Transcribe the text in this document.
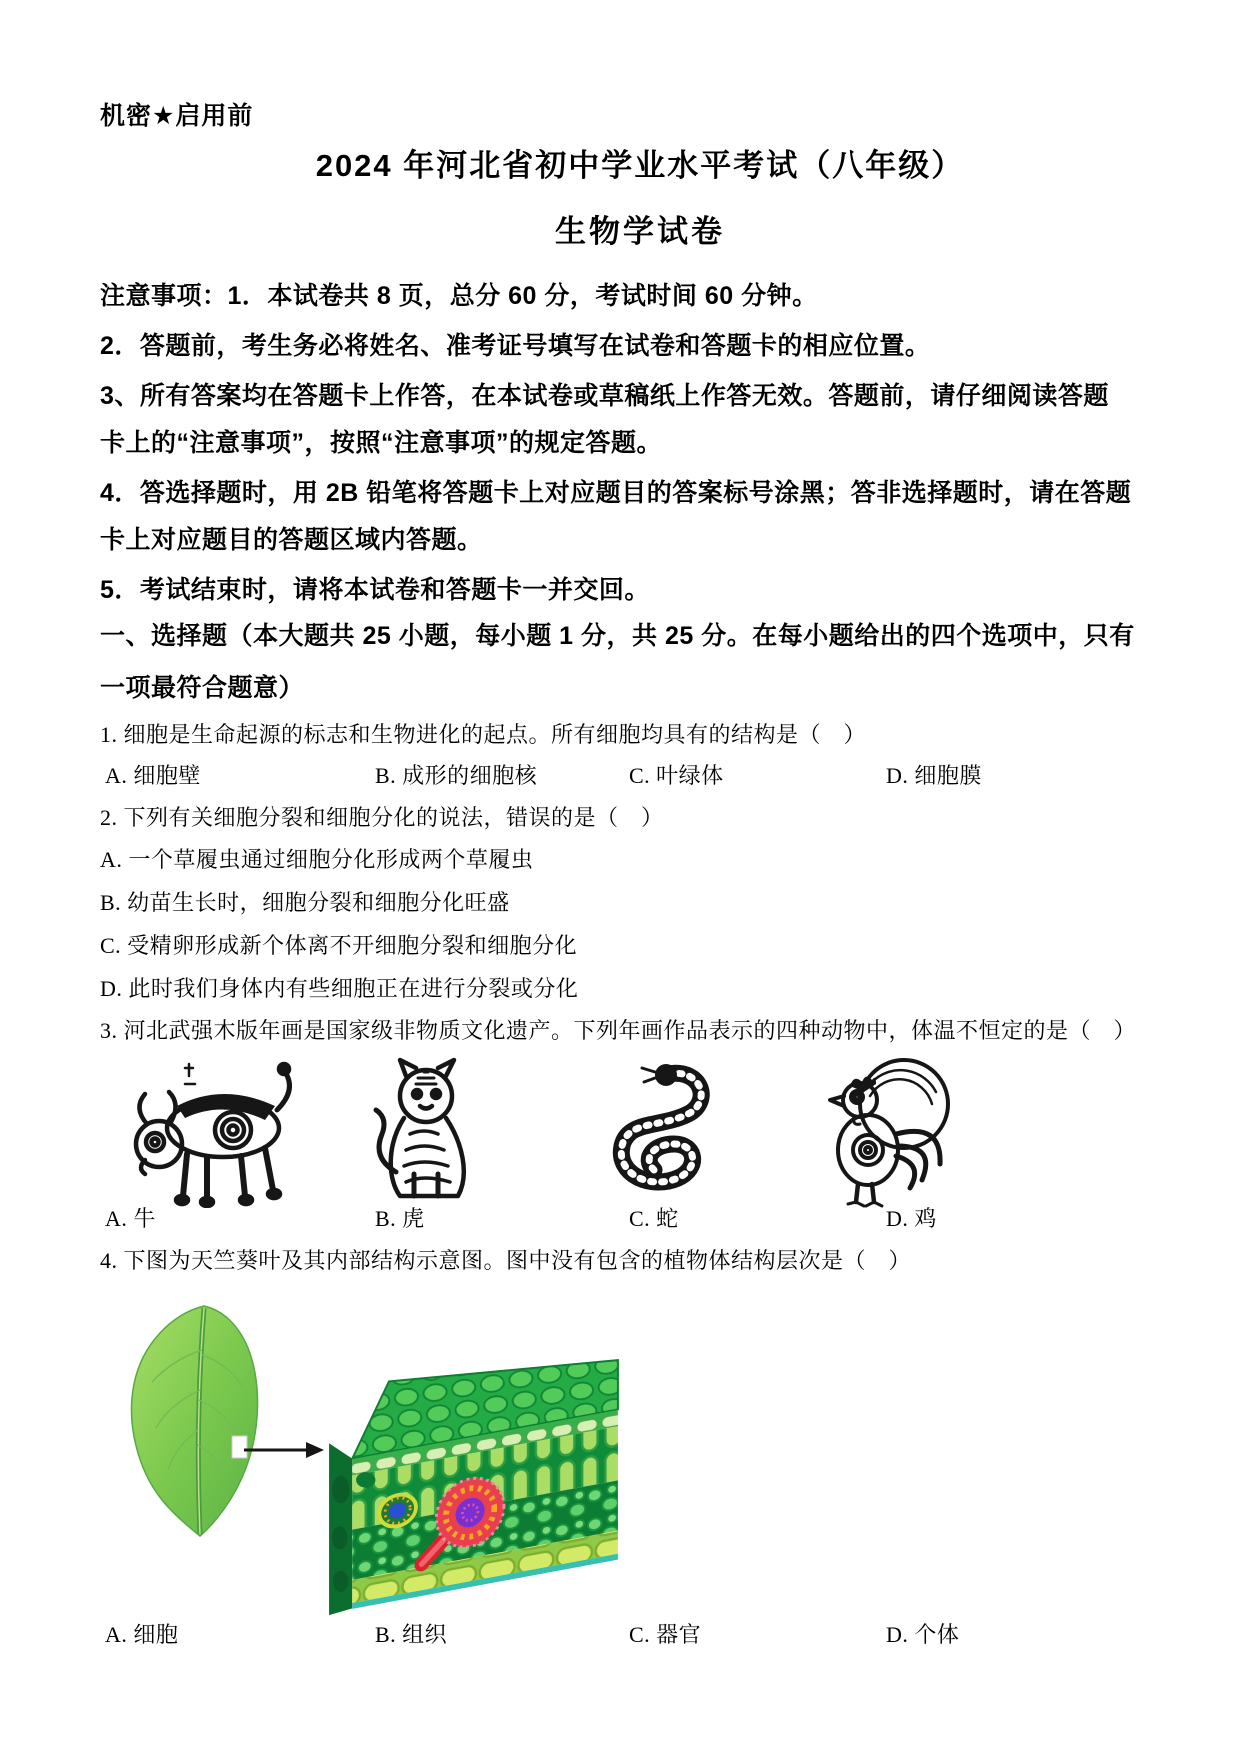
机密★启用前
2024 年河北省初中学业水平考试（八年级）
生物学试卷
注意事项：1．本试卷共 8 页，总分 60 分，考试时间 60 分钟。
2．答题前，考生务必将姓名、准考证号填写在试卷和答题卡的相应位置。
3、所有答案均在答题卡上作答，在本试卷或草稿纸上作答无效。答题前，请仔细阅读答题
卡上的“注意事项”，按照“注意事项”的规定答题。
4．答选择题时，用 2B 铅笔将答题卡上对应题目的答案标号涂黑；答非选择题时，请在答题
卡上对应题目的答题区域内答题。
5．考试结束时，请将本试卷和答题卡一并交回。
一、选择题（本大题共 25 小题，每小题 1 分，共 25 分。在每小题给出的四个选项中，只有
一项最符合题意）
1. 细胞是生命起源的标志和生物进化的起点。所有细胞均具有的结构是（　）
A. 细胞壁	B. 成形的细胞核	C. 叶绿体	D. 细胞膜
2. 下列有关细胞分裂和细胞分化的说法，错误的是（　）
A. 一个草履虫通过细胞分化形成两个草履虫
B. 幼苗生长时，细胞分裂和细胞分化旺盛
C. 受精卵形成新个体离不开细胞分裂和细胞分化
D. 此时我们身体内有些细胞正在进行分裂或分化
3. 河北武强木版年画是国家级非物质文化遗产。下列年画作品表示的四种动物中，体温不恒定的是（　）
A. 牛	B. 虎	C. 蛇	D. 鸡
4. 下图为天竺葵叶及其内部结构示意图。图中没有包含的植物体结构层次是（　）
A. 细胞	B. 组织	C. 器官	D. 个体
